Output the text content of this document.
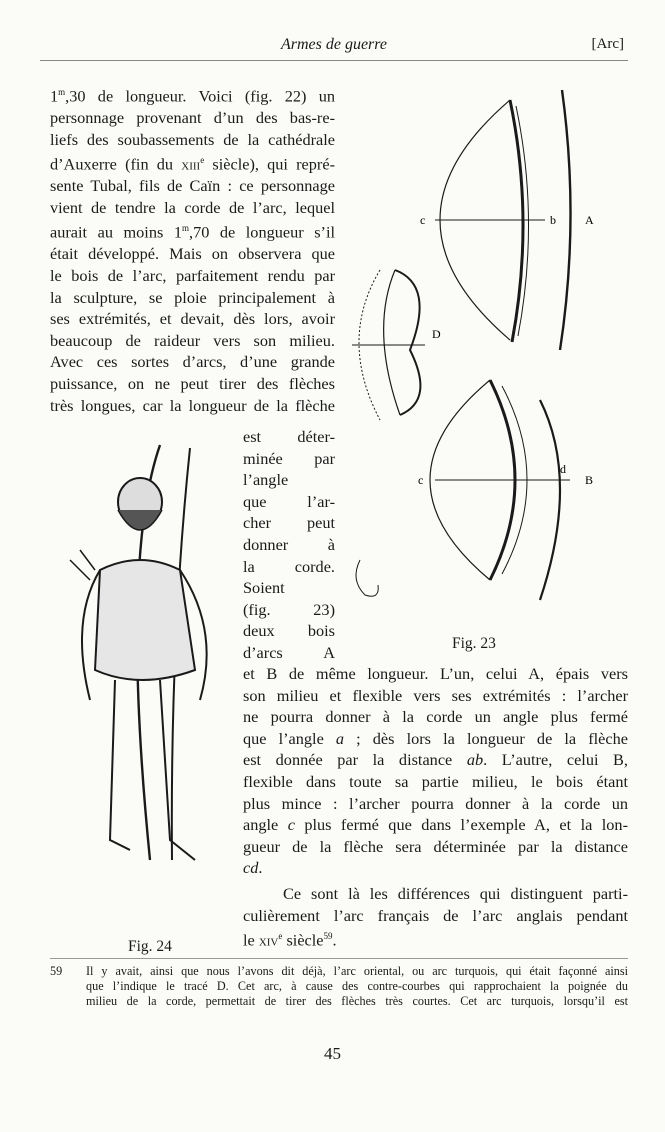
Armes de guerre	[Arc]

1$^m$,30 de longueur. Voici (fig. 22) un
personnage provenant d’un des bas-re-
liefs des soubassements de la cathédrale
d’Auxerre (fin du xiii$^e$ siècle), qui repré-
sente Tubal, fils de Caïn : ce personnage
vient de tendre la corde de l’arc, lequel
aurait au moins 1$^m$,70 de longueur s’il
était développé. Mais on observera que
le bois de l’arc, parfaitement rendu par
la sculpture, se ploie principalement à
ses extrémités, et devait, dès lors, avoir
beaucoup de raideur vers son milieu.
Avec ces sortes d’arcs, d’une grande
puissance, on ne peut tirer des flèches
très longues, car la longueur de la flèche

est déter-
minée par
l’angle
que l’ar-
cher peut
donner à
la corde.
Soient
(fig. 23)
deux bois
d’arcs A

et B de même longueur. L’un, celui A, épais vers
son milieu et flexible vers ses extrémités : l’archer
ne pourra donner à la corde un angle plus fermé
que l’angle a ; dès lors la longueur de la flèche
est donnée par la distance ab. L’autre, celui B,
flexible dans toute sa partie milieu, le bois étant
plus mince : l’archer pourra donner à la corde un
angle c plus fermé que dans l’exemple A, et la lon-
gueur de la flèche sera déterminée par la distance
cd.

Ce sont là les différences qui distinguent parti-
culièrement l’arc français de l’arc anglais pendant
le xiv$^e$ siècle$^{59}$.

c	b A
D
c
d
B
Fig. 23
Fig. 24
59 Il y avait, ainsi que nous l’avons dit déjà, l’arc oriental, ou arc turquois, qui était façonné ainsi
que l’indique le tracé D. Cet arc, à cause des contre-courbes qui rapprochaient la poignée du
milieu de la corde, permettait de tirer des flèches très courtes. Cet arc turquois, lorsqu’il est
45
